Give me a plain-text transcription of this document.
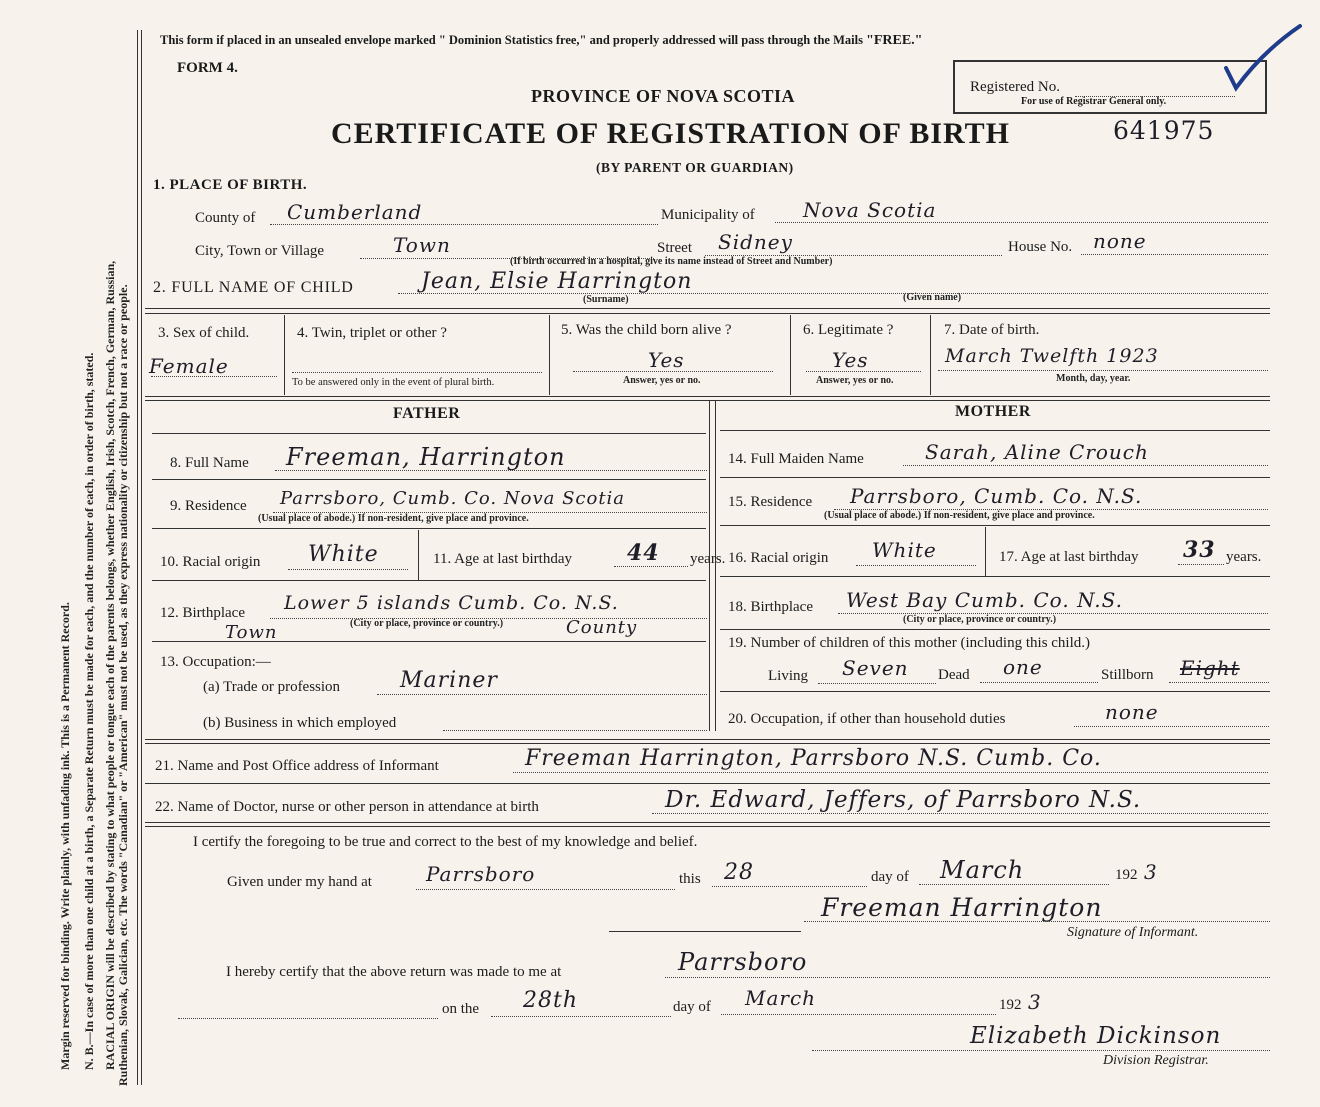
Margin reserved for binding. Write plainly, with unfading ink. This is a Permanent Record. N. B.—In case of more than one child at a birth, a Separate Return must be made for each, and the number of each, in order of birth, stated. RACIAL ORIGIN will be described by stating to what people or tongue each of the parents belongs, whether English, Irish, Scotch, French, German, Russian, Ruthenian, Slovak, Galician, etc. The words "Canadian" or "American" must not be used, as they express nationality or citizenship but not a race or people.
This form if placed in an unsealed envelope marked " Dominion Statistics free," and properly addressed will pass through the Mails "FREE."
FORM 4.
Registered No.
For use of Registrar General only.
PROVINCE OF NOVA SCOTIA
CERTIFICATE OF REGISTRATION OF BIRTH	641975
(BY PARENT OR GUARDIAN)
1. PLACE OF BIRTH.
County of Cumberland	Municipality of Nova Scotia
City, Town or Village	Town	Street Sidney	House No. none
(If birth occurred in a hospital, give its name instead of Street and Number)
2. FULL NAME OF CHILD	Jean, Elsie Harrington
(Surname)	(Given name)
3. Sex of child.
Female
4. Twin, triplet or other ?
To be answered only in the event of plural birth.
5. Was the child born alive ?
Yes
Answer, yes or no.
6. Legitimate ?
Yes
Answer, yes or no.
7. Date of birth.
March Twelfth 1923
Month, day, year.
FATHER
8. Full Name Freeman, Harrington
9. Residence Parrsboro, Cumb. Co. Nova Scotia
(Usual place of abode.) If non-resident, give place and province.
10. Racial origin White	11. Age at last birthday	44 years.
12. Birthplace Lower 5 islands Cumb. Co. N.S.
(City or place, province or country.)
Town	County
13. Occupation:—
(a) Trade or profession	Mariner
(b) Business in which employed
MOTHER
14. Full Maiden Name	Sarah, Aline Crouch
15. Residence Parrsboro, Cumb. Co. N.S.
(Usual place of abode.) If non-resident, give place and province.
16. Racial origin White	17. Age at last birthday 33 years.
18. Birthplace West Bay Cumb. Co. N.S.
(City or place, province or country.)
19. Number of children of this mother (including this child.)
Living Seven Dead one	Stillborn Eight
20. Occupation, if other than household duties	none
21. Name and Post Office address of Informant	Freeman Harrington, Parrsboro N.S. Cumb. Co.
22. Name of Doctor, nurse or other person in attendance at birth	Dr. Edward, Jeffers, of Parrsboro N.S.
I certify the foregoing to be true and correct to the best of my knowledge and belief.
Given under my hand at	Parrsboro	this 28	day of March	192 3
Freeman Harrington
Signature of Informant.
I hereby certify that the above return was made to me at	Parrsboro
on the 28th	day of March	192 3
Elizabeth Dickinson
Division Registrar.
